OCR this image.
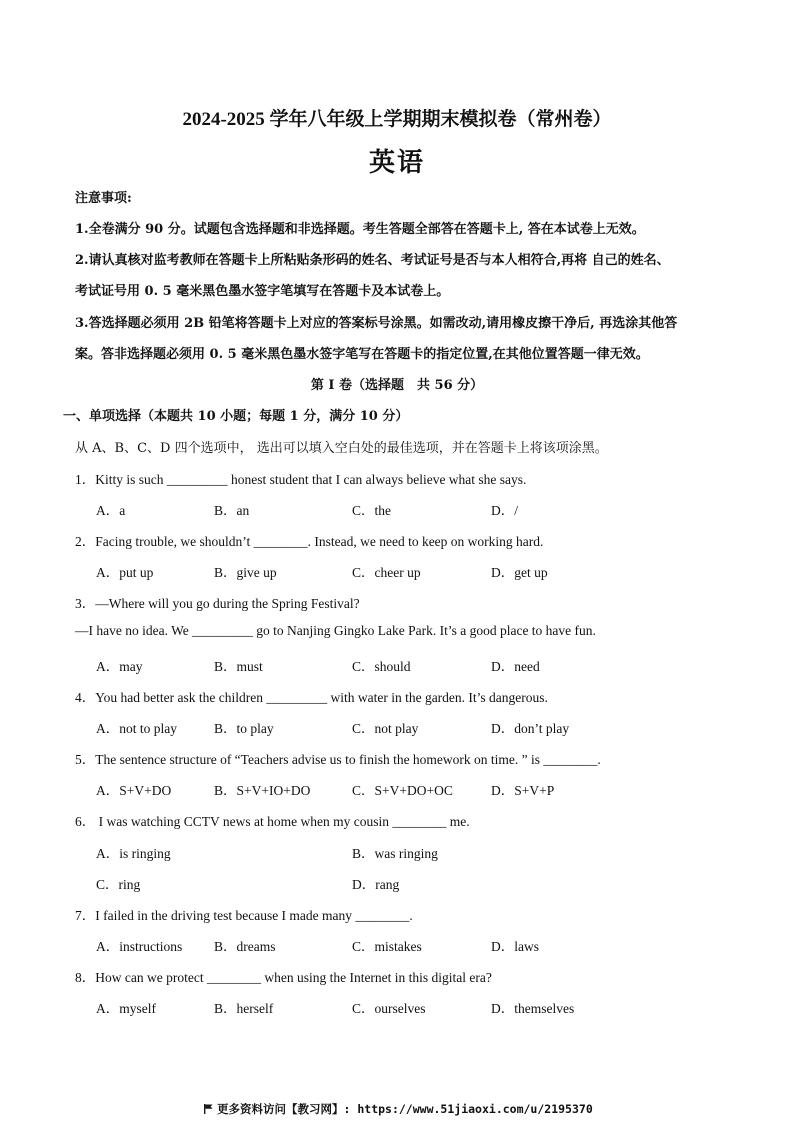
2024-2025 学年八年级上学期期末模拟卷（常州卷）
英语
注意事项:
1.全卷满分 90 分。试题包含选择题和非选择题。考生答题全部答在答题卡上, 答在本试卷上无效。
2.请认真核对监考教师在答题卡上所粘贴条形码的姓名、考试证号是否与本人相符合,再将 自己的姓名、
考试证号用 0. 5 毫米黑色墨水签字笔填写在答题卡及本试卷上。
3.答选择题必须用 2B 铅笔将答题卡上对应的答案标号涂黑。如需改动,请用橡皮擦干净后, 再选涂其他答
案。答非选择题必须用 0. 5 毫米黑色墨水签字笔写在答题卡的指定位置,在其他位置答题一律无效。
第 I 卷（选择题　共 56 分）
一、单项选择（本题共 10 小题；每题 1 分，满分 10 分）
从 A、B、C、D 四个选项中， 选出可以填入空白处的最佳选项，并在答题卡上将该项涂黑。
1．Kitty is such _________ honest student that I can always believe what she says.
A．a	B．an	C．the	D．/
2．Facing trouble, we shouldn’t ________. Instead, we need to keep on working hard.
A．put up	B．give up	C．cheer up	D．get up
3．—Where will you go during the Spring Festival?
—I have no idea. We _________ go to Nanjing Gingko Lake Park. It’s a good place to have fun.
A．may	B．must	C．should	D．need
4．You had better ask the children _________ with water in the garden. It’s dangerous.
A．not to play	B．to play	C．not play	D．don’t play
5．The sentence structure of “Teachers advise us to finish the homework on time. ” is ________.
A．S+V+DO	B．S+V+IO+DO	C．S+V+DO+OC	D．S+V+P
6． I was watching CCTV news at home when my cousin ________ me.
A．is ringing	B．was ringing
C．ring	D．rang
7．I failed in the driving test because I made many ________.
A．instructions B．dreams	C．mistakes	D．laws
8．How can we protect ________ when using the Internet in this digital era?
A．myself	B．herself	C．ourselves	D．themselves
更多资料访问【教习网】: https://www.51jiaoxi.com/u/2195370
